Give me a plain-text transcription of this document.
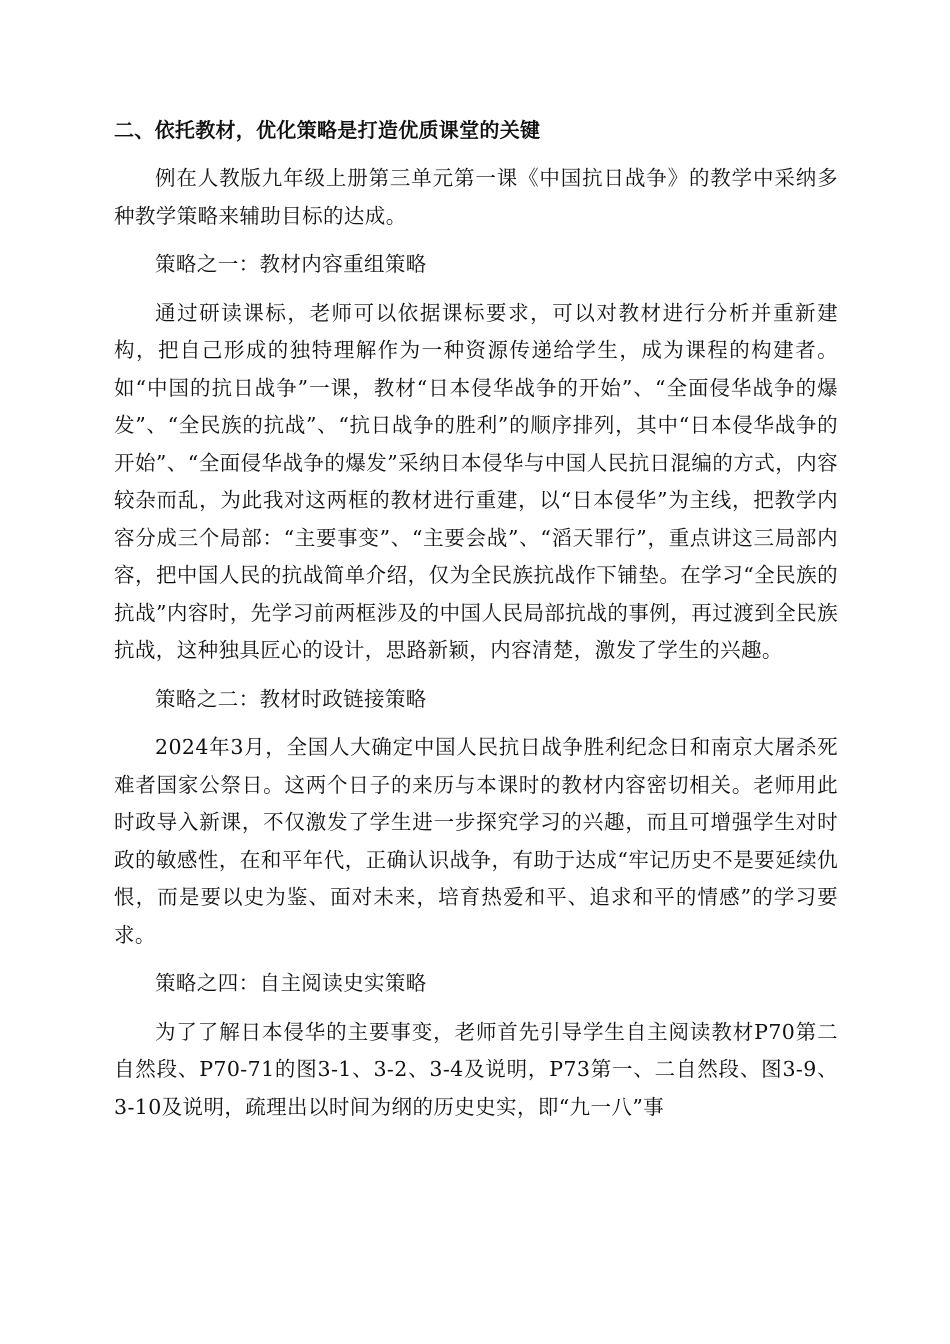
二、依托教材，优化策略是打造优质课堂的关键

例在人教版九年级上册第三单元第一课《中国抗日战争》的教学中采纳多种教学策略来辅助目标的达成。

策略之一：教材内容重组策略

通过研读课标，老师可以依据课标要求，可以对教材进行分析并重新建构，把自己形成的独特理解作为一种资源传递给学生，成为课程的构建者。如“中国的抗日战争”一课，教材“日本侵华战争的开始”、“全面侵华战争的爆发”、“全民族的抗战”、“抗日战争的胜利”的顺序排列，其中“日本侵华战争的开始”、“全面侵华战争的爆发”采纳日本侵华与中国人民抗日混编的方式，内容较杂而乱，为此我对这两框的教材进行重建，以“日本侵华”为主线，把教学内容分成三个局部：“主要事变”、“主要会战”、“滔天罪行”，重点讲这三局部内容，把中国人民的抗战简单介绍，仅为全民族抗战作下铺垫。在学习“全民族的抗战”内容时，先学习前两框涉及的中国人民局部抗战的事例，再过渡到全民族抗战，这种独具匠心的设计，思路新颖，内容清楚，激发了学生的兴趣。

策略之二：教材时政链接策略

2024年3月，全国人大确定中国人民抗日战争胜利纪念日和南京大屠杀死难者国家公祭日。这两个日子的来历与本课时的教材内容密切相关。老师用此时政导入新课，不仅激发了学生进一步探究学习的兴趣，而且可增强学生对时政的敏感性，在和平年代，正确认识战争，有助于达成“牢记历史不是要延续仇恨，而是要以史为鉴、面对未来，培育热爱和平、追求和平的情感”的学习要求。

策略之四：自主阅读史实策略

为了了解日本侵华的主要事变，老师首先引导学生自主阅读教材P70第二自然段、P70-71的图3-1、3-2、3-4及说明，P73第一、二自然段、图3-9、3-10及说明，疏理出以时间为纲的历史史实，即“九一八”事
